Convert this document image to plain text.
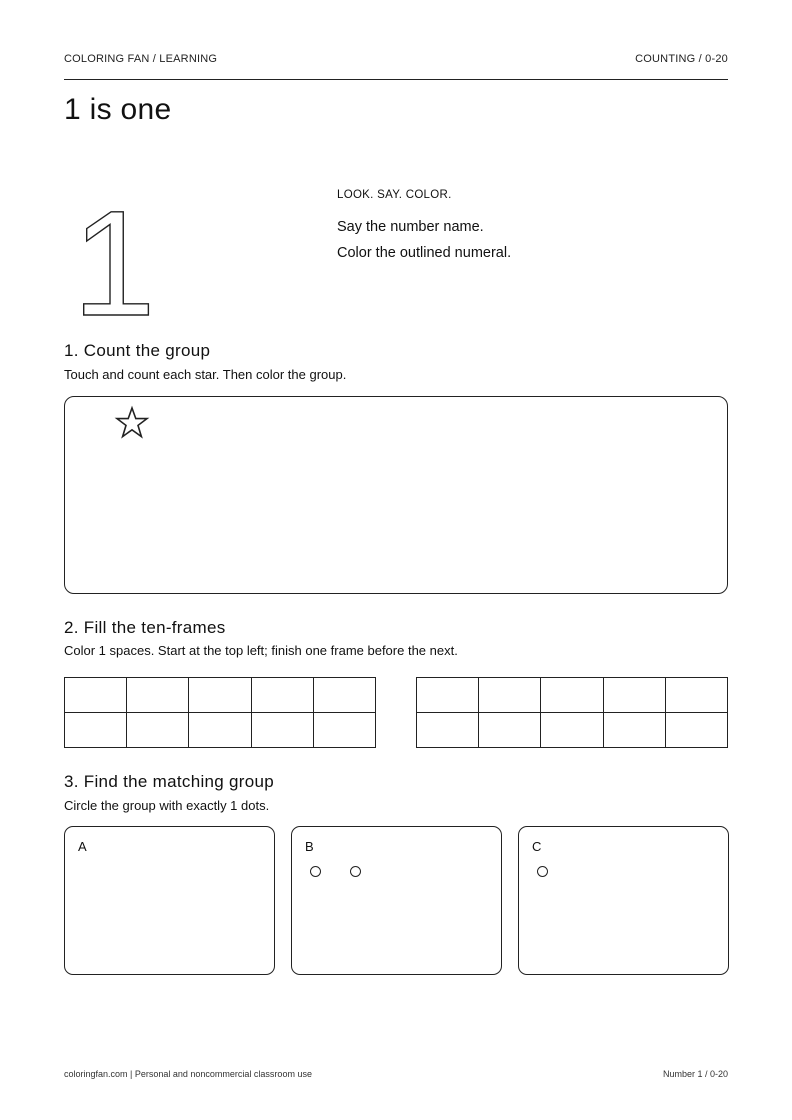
COLORING FAN / LEARNING	COUNTING / 0-20
1 is one
1	LOOK. SAY. COLOR.
Say the number name.
Color the outlined numeral.
1. Count the group
Touch and count each star. Then color the group.
2. Fill the ten-frames
Color 1 spaces. Start at the top left; finish one frame before the next.

3. Find the matching group
Circle the group with exactly 1 dots.
A	B	C
coloringfan.com | Personal and noncommercial classroom use	Number 1 / 0-20
